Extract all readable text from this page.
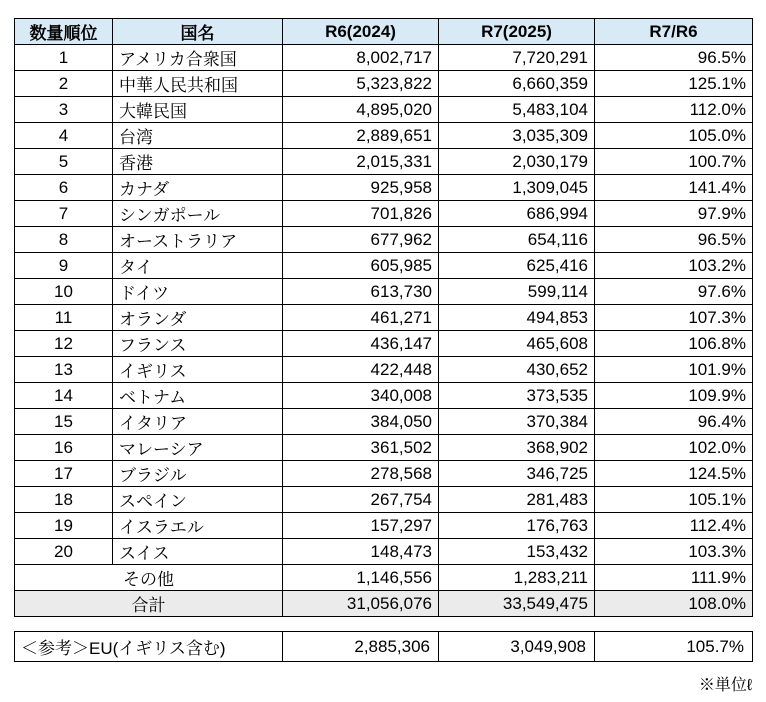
数量順位	国名	R6(2024)	R7(2025)	R7/R6
1	アメリカ合衆国	8,002,717	7,720,291	96.5%
2	中華人民共和国	5,323,822	6,660,359	125.1%
3	大韓民国	4,895,020	5,483,104	112.0%
4	台湾	2,889,651	3,035,309	105.0%
5	香港	2,015,331	2,030,179	100.7%
6	カナダ	925,958	1,309,045	141.4%
7	シンガポール	701,826	686,994	97.9%
8	オーストラリア	677,962	654,116	96.5%
9	タイ	605,985	625,416	103.2%
10	ドイツ	613,730	599,114	97.6%
11	オランダ	461,271	494,853	107.3%
12	フランス	436,147	465,608	106.8%
13	イギリス	422,448	430,652	101.9%
14	ベトナム	340,008	373,535	109.9%
15	イタリア	384,050	370,384	96.4%
16	マレーシア	361,502	368,902	102.0%
17	ブラジル	278,568	346,725	124.5%
18	スペイン	267,754	281,483	105.1%
19	イスラエル	157,297	176,763	112.4%
20	スイス	148,473	153,432	103.3%
その他		1,146,556	1,283,211	111.9%
合計		31,056,076	33,549,475	108.0%
＜参考＞EU(イギリス含む)	2,885,306	3,049,908	105.7%
※単位ℓ
